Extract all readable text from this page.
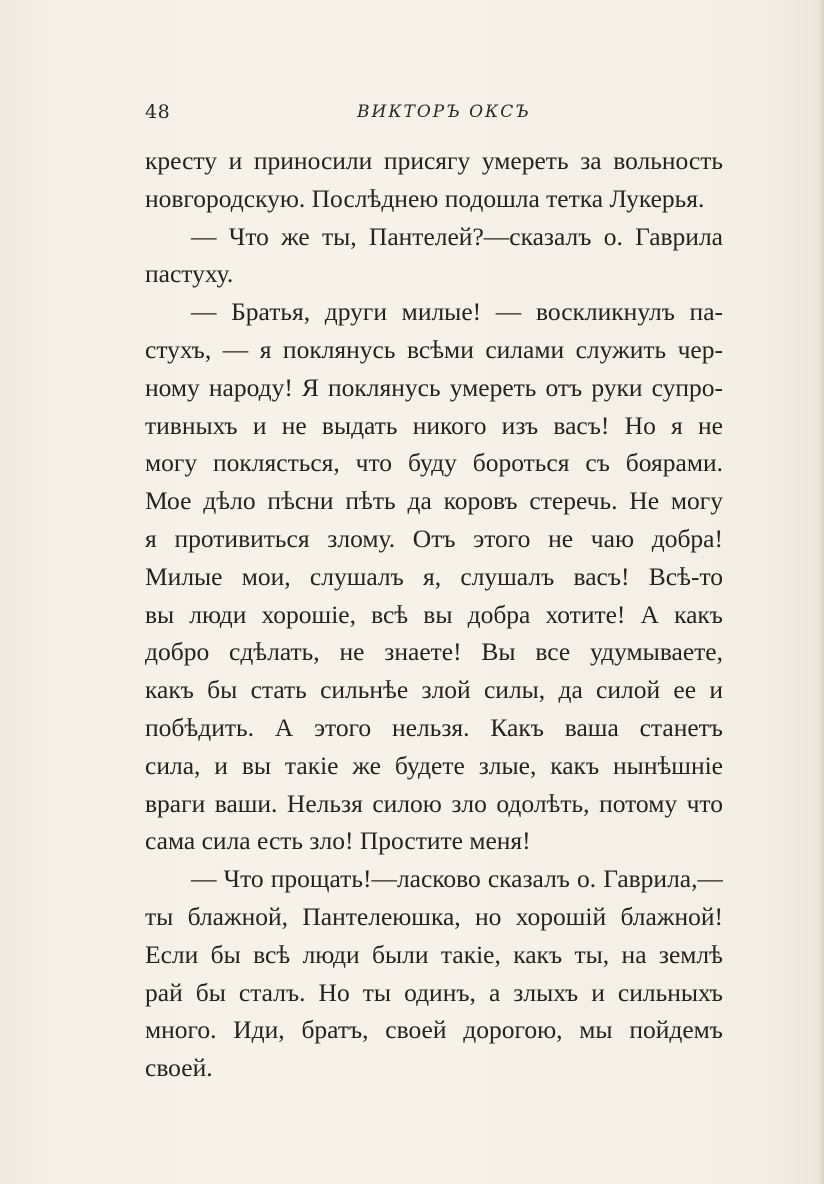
48	ВИКТОРЪ ОКСЪ
кресту и приносили присягу умереть за вольность
новгородскую. Послѣднею подошла тетка Лукерья.
— Что же ты, Пантелей?—сказалъ о. Гаврила
пастуху.
— Братья, други милые! — воскликнулъ па-
стухъ, — я поклянусь всѣми силами служить чер-
ному народу! Я поклянусь умереть отъ руки супро-
тивныхъ и не выдать никого изъ васъ! Но я не
могу поклясться, что буду бороться съ боярами.
Мое дѣло пѣсни пѣть да коровъ стеречь. Не могу
я противиться злому. Отъ этого не чаю добра!
Милые мои, слушалъ я, слушалъ васъ! Всѣ-то
вы люди хорошіе, всѣ вы добра хотите! А какъ
добро сдѣлать, не знаете! Вы все удумываете,
какъ бы стать сильнѣе злой силы, да силой ее и
побѣдить. А этого нельзя. Какъ ваша станетъ
сила, и вы такіе же будете злые, какъ нынѣшніе
враги ваши. Нельзя силою зло одолѣть, потому что
сама сила есть зло! Простите меня!
— Что прощать!—ласково сказалъ о. Гаврила,—
ты блажной, Пантелеюшка, но хорошій блажной!
Если бы всѣ люди были такіе, какъ ты, на землѣ
рай бы сталъ. Но ты одинъ, а злыхъ и сильныхъ
много. Иди, братъ, своей дорогою, мы пойдемъ
своей.
